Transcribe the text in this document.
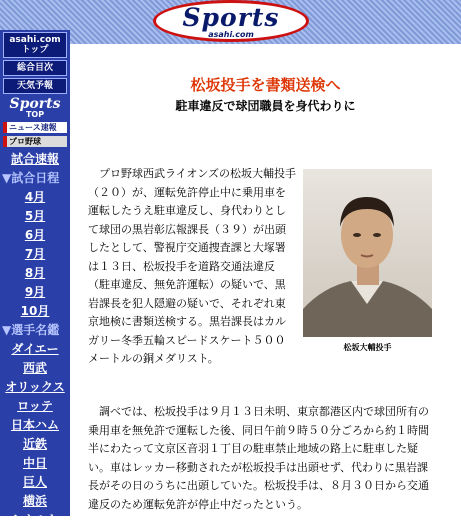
Sports
asahi.com
asahi.com
トップ
総合目次
天気予報
Sports
TOP
ニュース速報
プロ野球
試合速報
▼試合日程
4月
5月
6月
7月
8月
9月
10月
▼選手名鑑
ダイエー
西武
オリックス
ロッテ
日本ハム
近鉄
中日
巨人
横浜
ヤクルト
松坂投手を書類送検へ
駐車違反で球団職員を身代わりに

　プロ野球西武ライオンズの松坂大輔投手（２０）が、運転免許停止中に乗用車を運転したうえ駐車違反し、身代わりとして球団の黒岩彰広報課長（３９）が出頭したとして、警視庁交通捜査課と大塚署は１３日、松坂投手を道路交通法違反（駐車違反、無免許運転）の疑いで、黒岩課長を犯人隠避の疑いで、それぞれ東京地検に書類送検する。黒岩課長はカルガリー冬季五輪スピードスケート５００メートルの銅メダリスト。

松坂大輔投手

　調べでは、松坂投手は９月１３日未明、東京都港区内で球団所有の乗用車を無免許で運転した後、同日午前９時５０分ごろから約１時間半にわたって文京区音羽１丁目の駐車禁止地域の路上に駐車した疑い。車はレッカー移動されたが松坂投手は出頭せず、代わりに黒岩課長がその日のうちに出頭していた。松坂投手は、８月３０日から交通違反のため運転免許が停止中だったという。
